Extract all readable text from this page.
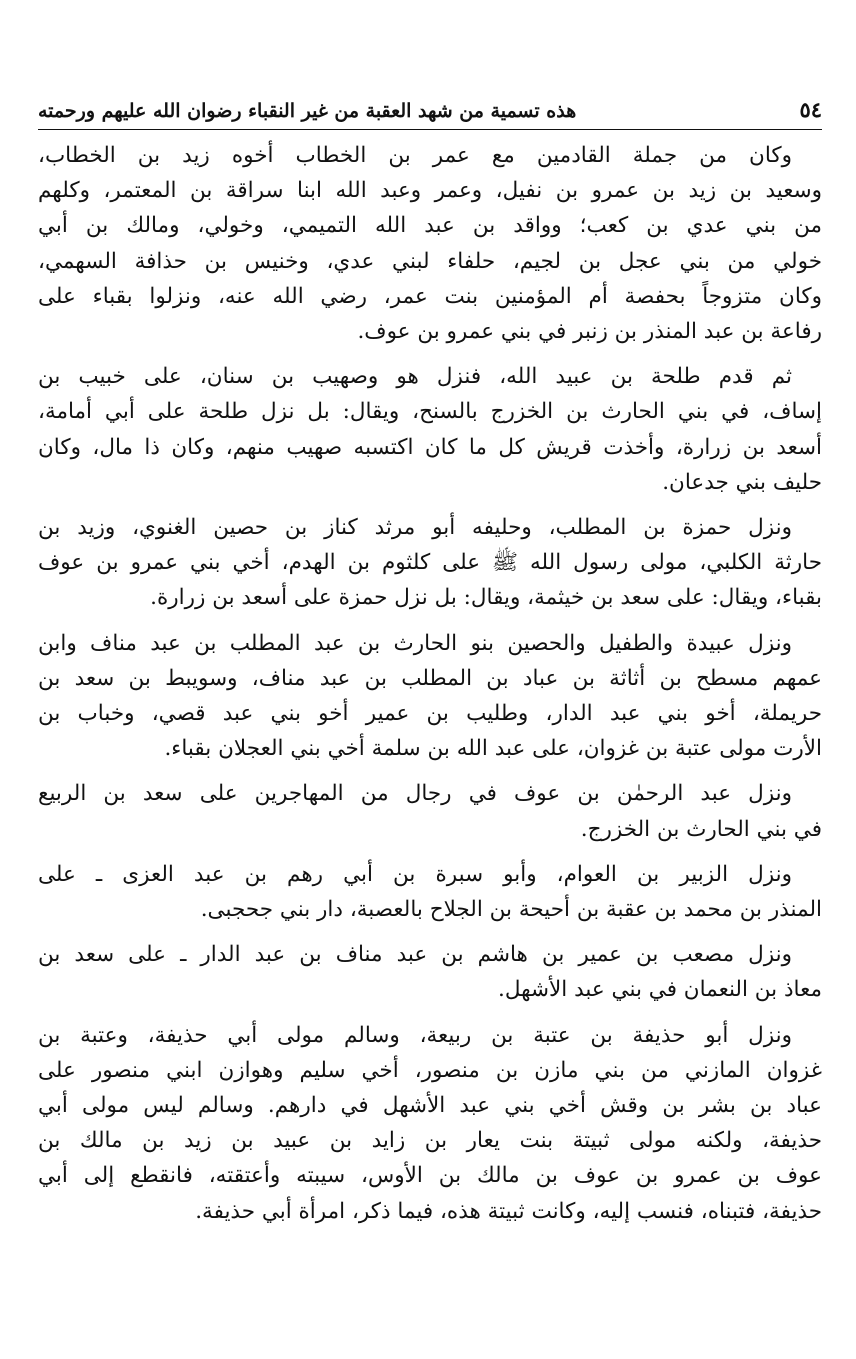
٥٤
هذه تسمية من شهد العقبة من غير النقباء رضوان الله عليهم ورحمته

وكان من جملة القادمين مع عمر بن الخطاب أخوه زيد بن الخطاب،
وسعيد بن زيد بن عمرو بن نفيل، وعمر وعبد الله ابنا سراقة بن المعتمر، وكلهم
من بني عدي بن كعب؛ وواقد بن عبد الله التميمي، وخولي، ومالك بن أبي
خولي من بني عجل بن لجيم، حلفاء لبني عدي، وخنيس بن حذافة السهمي،
وكان متزوجاً بحفصة أم المؤمنين بنت عمر، رضي الله عنه، ونزلوا بقباء على
رفاعة بن عبد المنذر بن زنبر في بني عمرو بن عوف.

ثم قدم طلحة بن عبيد الله، فنزل هو وصهيب بن سنان، على خبيب بن
إساف، في بني الحارث بن الخزرج بالسنح، ويقال: بل نزل طلحة على أبي أمامة،
أسعد بن زرارة، وأخذت قريش كل ما كان اكتسبه صهيب منهم، وكان ذا مال، وكان
حليف بني جدعان.

ونزل حمزة بن المطلب، وحليفه أبو مرثد كناز بن حصين الغنوي، وزيد بن
حارثة الكلبي، مولى رسول الله ﷺ على كلثوم بن الهدم، أخي بني عمرو بن عوف
بقباء، ويقال: على سعد بن خيثمة، ويقال: بل نزل حمزة على أسعد بن زرارة.

ونزل عبيدة والطفيل والحصين بنو الحارث بن عبد المطلب بن عبد مناف وابن
عمهم مسطح بن أثاثة بن عباد بن المطلب بن عبد مناف، وسويبط بن سعد بن
حريملة، أخو بني عبد الدار، وطليب بن عمير أخو بني عبد قصي، وخباب بن
الأرت مولى عتبة بن غزوان، على عبد الله بن سلمة أخي بني العجلان بقباء.

ونزل عبد الرحمٰن بن عوف في رجال من المهاجرين على سعد بن الربيع
في بني الحارث بن الخزرج.

ونزل الزبير بن العوام، وأبو سبرة بن أبي رهم بن عبد العزى ـ على
المنذر بن محمد بن عقبة بن أحيحة بن الجلاح بالعصبة، دار بني جحجبى.

ونزل مصعب بن عمير بن هاشم بن عبد مناف بن عبد الدار ـ على سعد بن
معاذ بن النعمان في بني عبد الأشهل.

ونزل أبو حذيفة بن عتبة بن ربيعة، وسالم مولى أبي حذيفة، وعتبة بن
غزوان المازني من بني مازن بن منصور، أخي سليم وهوازن ابني منصور على
عباد بن بشر بن وقش أخي بني عبد الأشهل في دارهم. وسالم ليس مولى أبي
حذيفة، ولكنه مولى ثبيتة بنت يعار بن زايد بن عبيد بن زيد بن مالك بن
عوف بن عمرو بن عوف بن مالك بن الأوس، سيبته وأعتقته، فانقطع إلى أبي
حذيفة، فتبناه، فنسب إليه، وكانت ثبيتة هذه، فيما ذكر، امرأة أبي حذيفة.
